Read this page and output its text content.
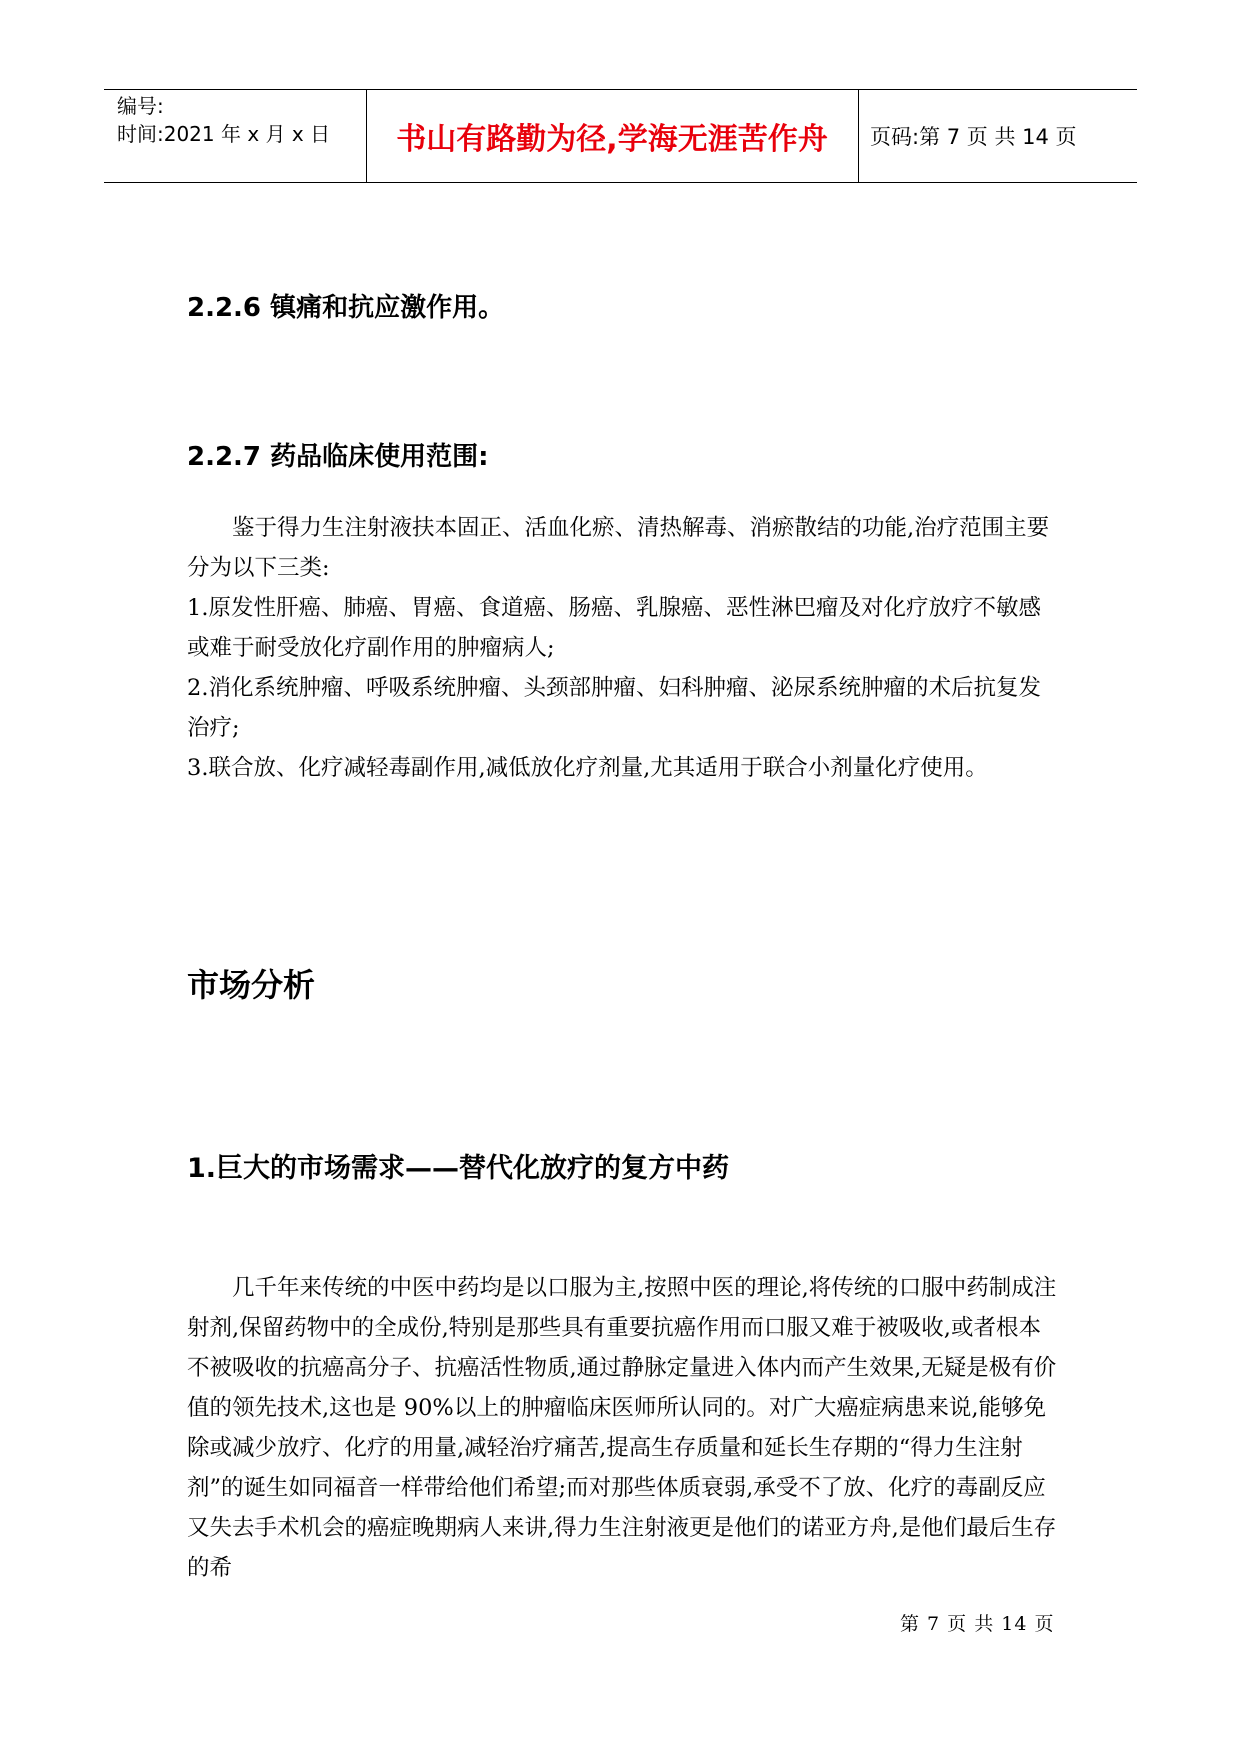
编号:
时间:2021 年 x 月 x 日	书山有路勤为径,学海无涯苦作舟	页码:第 7 页 共 14 页
2.2.6 镇痛和抗应激作用。
2.2.7 药品临床使用范围:

鉴于得力生注射液扶本固正、活血化瘀、清热解毒、消瘀散结的功能,治疗范围主要分为以下三类:

1.原发性肝癌、肺癌、胃癌、食道癌、肠癌、乳腺癌、恶性淋巴瘤及对化疗放疗不敏感或难于耐受放化疗副作用的肿瘤病人;

2.消化系统肿瘤、呼吸系统肿瘤、头颈部肿瘤、妇科肿瘤、泌尿系统肿瘤的术后抗复发治疗;

3.联合放、化疗减轻毒副作用,减低放化疗剂量,尤其适用于联合小剂量化疗使用。

市场分析
1.巨大的市场需求——替代化放疗的复方中药

几千年来传统的中医中药均是以口服为主,按照中医的理论,将传统的口服中药制成注射剂,保留药物中的全成份,特别是那些具有重要抗癌作用而口服又难于被吸收,或者根本不被吸收的抗癌高分子、抗癌活性物质,通过静脉定量进入体内而产生效果,无疑是极有价值的领先技术,这也是 90%以上的肿瘤临床医师所认同的。对广大癌症病患来说,能够免除或减少放疗、化疗的用量,减轻治疗痛苦,提高生存质量和延长生存期的“得力生注射剂”的诞生如同福音一样带给他们希望;而对那些体质衰弱,承受不了放、化疗的毒副反应又失去手术机会的癌症晚期病人来讲,得力生注射液更是他们的诺亚方舟,是他们最后生存的希

第 7 页 共 14 页
